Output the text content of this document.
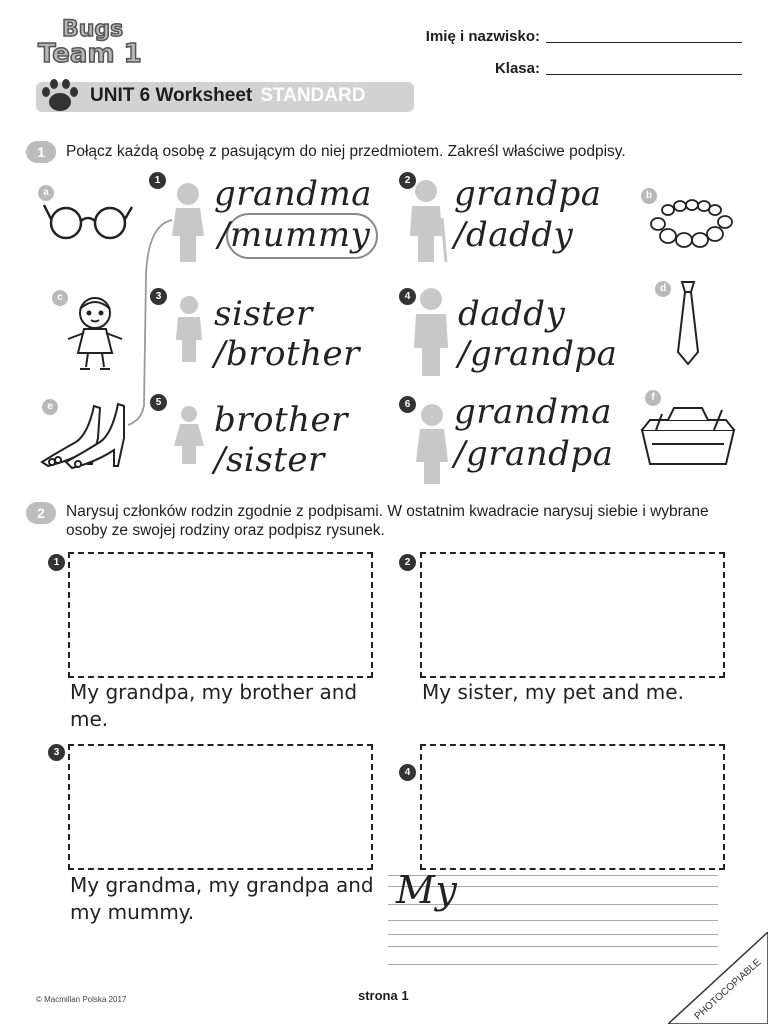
Bugs
Team 1
Imię i nazwisko:
Klasa:
UNIT 6 Worksheet STANDARD
1	Połącz każdą osobę z pasującym do niej przedmiotem. Zakreśl właściwe podpisy.
a	b
c
d
e
f
1 grandma
/mummy
2 grandpa
/daddy
3 sister
/brother
4 daddy
/grandpa
5 brother
/sister
6 grandma
/grandpa
2	Narysuj członków rodzin zgodnie z podpisami. W ostatnim kwadracie narysuj siebie i wybrane osoby ze swojej rodziny oraz podpisz rysunek.
1
My grandpa, my brother and me.
2
My sister, my pet and me.
3
My grandma, my grandpa and my mummy.
4
My
© Macmillan Polska 2017	strona 1	PHOTOCOPIABLE
